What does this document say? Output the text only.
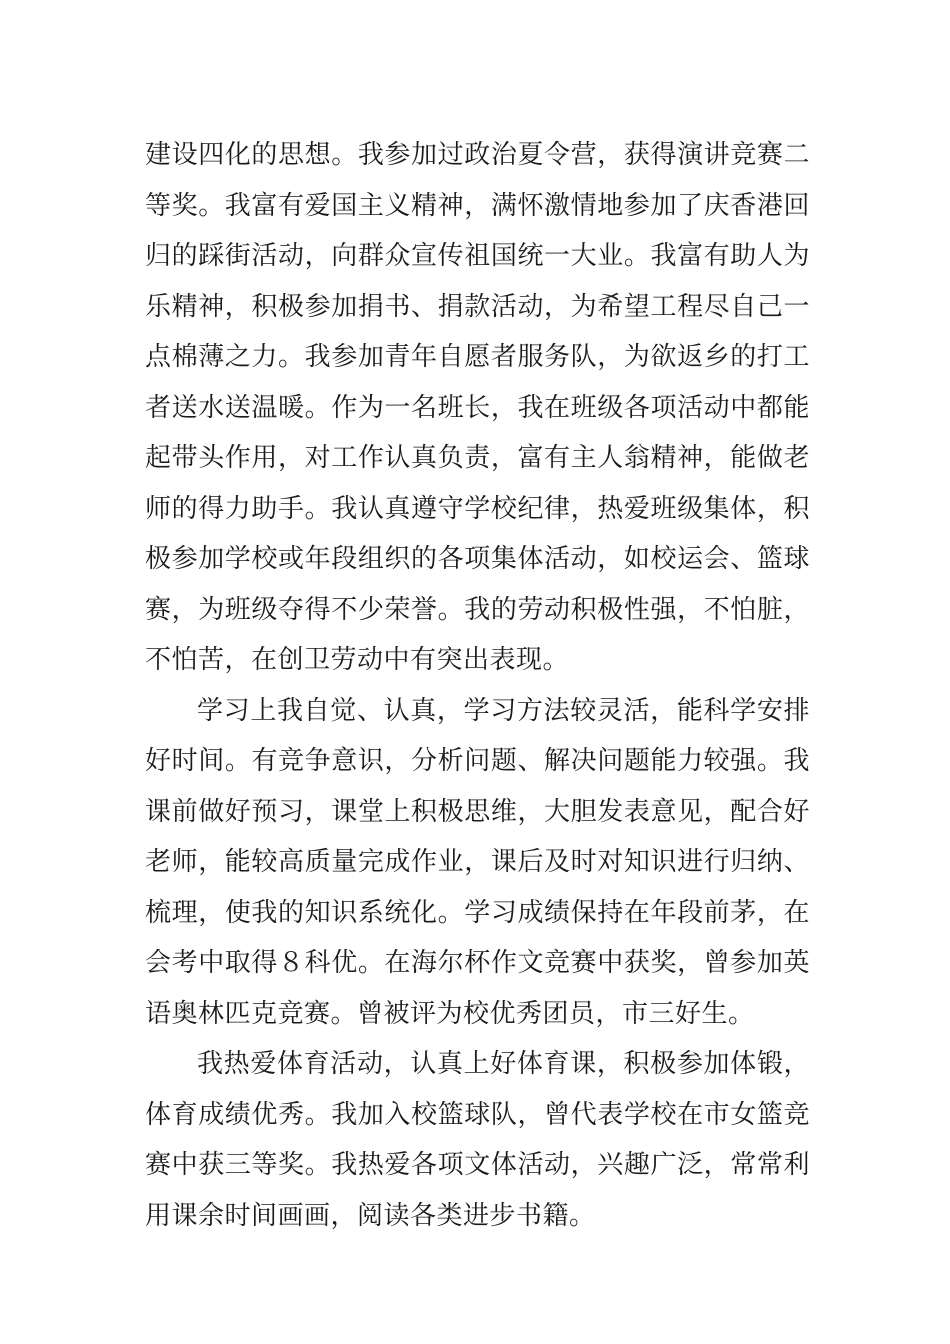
建设四化的思想。我参加过政治夏令营，获得演讲竞赛二等奖。我富有爱国主义精神，满怀激情地参加了庆香港回归的踩街活动，向群众宣传祖国统一大业。我富有助人为乐精神，积极参加捐书、捐款活动，为希望工程尽自己一点棉薄之力。我参加青年自愿者服务队，为欲返乡的打工者送水送温暖。作为一名班长，我在班级各项活动中都能起带头作用，对工作认真负责，富有主人翁精神，能做老师的得力助手。我认真遵守学校纪律，热爱班级集体，积极参加学校或年段组织的各项集体活动，如校运会、篮球赛，为班级夺得不少荣誉。我的劳动积极性强，不怕脏，不怕苦，在创卫劳动中有突出表现。

学习上我自觉、认真，学习方法较灵活，能科学安排好时间。有竞争意识，分析问题、解决问题能力较强。我课前做好预习，课堂上积极思维，大胆发表意见，配合好老师，能较高质量完成作业，课后及时对知识进行归纳、梳理，使我的知识系统化。学习成绩保持在年段前茅，在会考中取得８科优。在海尔杯作文竞赛中获奖，曾参加英语奥林匹克竞赛。曾被评为校优秀团员，市三好生。

我热爱体育活动，认真上好体育课，积极参加体锻，体育成绩优秀。我加入校篮球队，曾代表学校在市女篮竞赛中获三等奖。我热爱各项文体活动，兴趣广泛，常常利用课余时间画画，阅读各类进步书籍。
